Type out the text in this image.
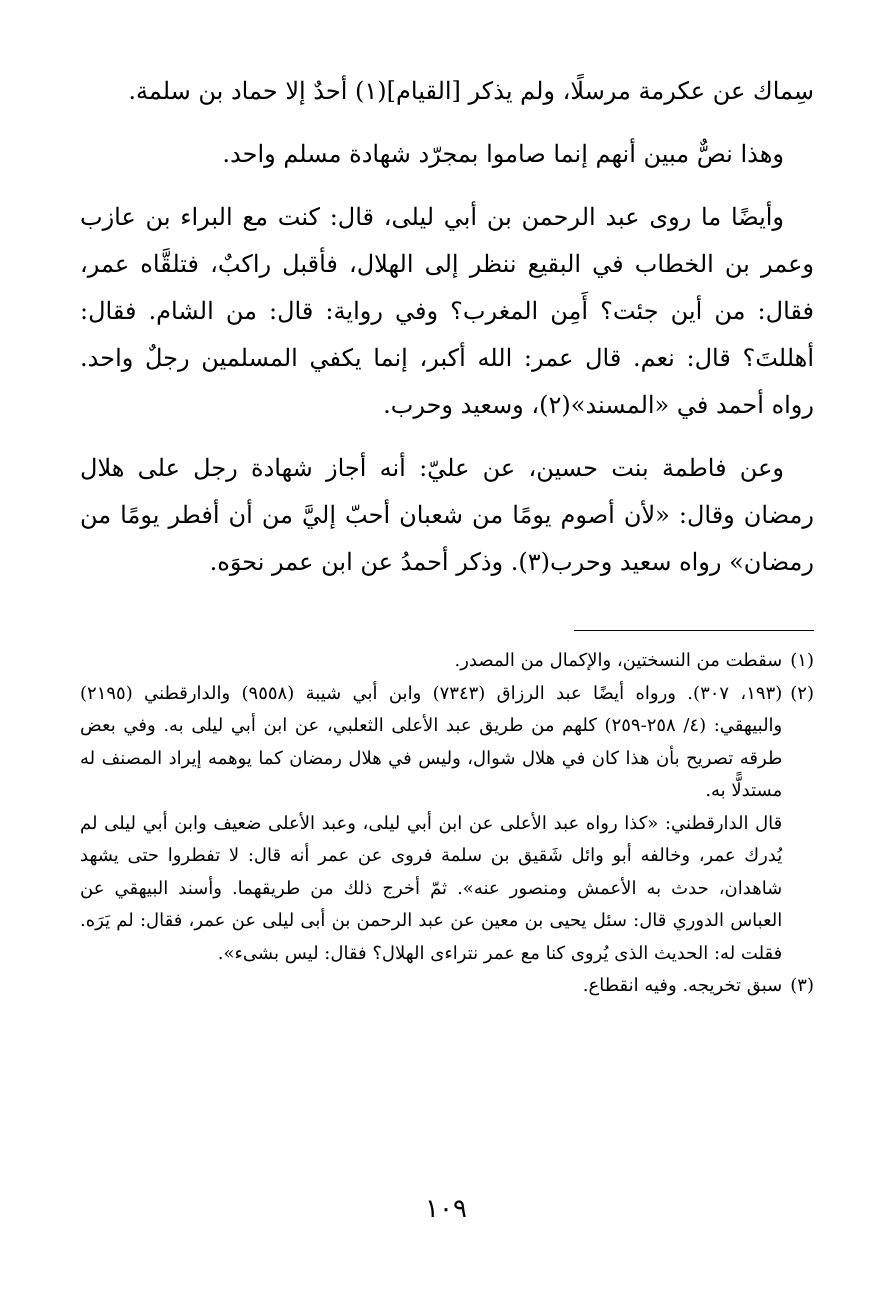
سِماك عن عكرمة مرسلًا، ولم يذكر [القيام](١) أحدٌ إلا حماد بن سلمة.

وهذا نصٌّ مبين أنهم إنما صاموا بمجرّد شهادة مسلم واحد.

وأيضًا ما روى عبد الرحمن بن أبي ليلى، قال: كنت مع البراء بن عازب وعمر بن الخطاب في البقيع ننظر إلى الهلال، فأقبل راكبٌ، فتلقَّاه عمر، فقال: من أين جئت؟ أَمِن المغرب؟ وفي رواية: قال: من الشام. فقال: أهللتَ؟ قال: نعم. قال عمر: الله أكبر، إنما يكفي المسلمين رجلٌ واحد. رواه أحمد في «المسند»(٢)، وسعيد وحرب.

وعن فاطمة بنت حسين، عن عليّ: أنه أجاز شهادة رجل على هلال رمضان وقال: «لأن أصوم يومًا من شعبان أحبّ إليَّ من أن أفطر يومًا من رمضان» رواه سعيد وحرب(٣). وذكر أحمدُ عن ابن عمر نحوَه.

(١)

سقطت من النسختين، والإكمال من المصدر.

(٢)

(١٩٣، ٣٠٧). ورواه أيضًا عبد الرزاق (٧٣٤٣) وابن أبي شيبة (٩٥٥٨) والدارقطني (٢١٩٥) والبيهقي: (٤/ ٢٥٨-٢٥٩) كلهم من طريق عبد الأعلى الثعلبي، عن ابن أبي ليلى به. وفي بعض طرقه تصريح بأن هذا كان في هلال شوال، وليس في هلال رمضان كما يوهمه إيراد المصنف له مستدلًّا به.

قال الدارقطني: «كذا رواه عبد الأعلى عن ابن أبي ليلى، وعبد الأعلى ضعيف وابن أبي ليلى لم يُدرك عمر، وخالفه أبو وائل شَقيق بن سلمة فروى عن عمر أنه قال: لا تفطروا حتى يشهد شاهدان، حدث به الأعمش ومنصور عنه». ثمّ أخرج ذلك من طريقهما. وأسند البيهقي عن العباس الدوري قال: سئل يحيى بن معين عن عبد الرحمن بن أبى ليلى عن عمر، فقال: لم يَرَه. فقلت له: الحديث الذى يُروى كنا مع عمر نتراءى الهلال؟ فقال: ليس بشىء».

(٣)

سبق تخريجه. وفيه انقطاع.

١٠٩
